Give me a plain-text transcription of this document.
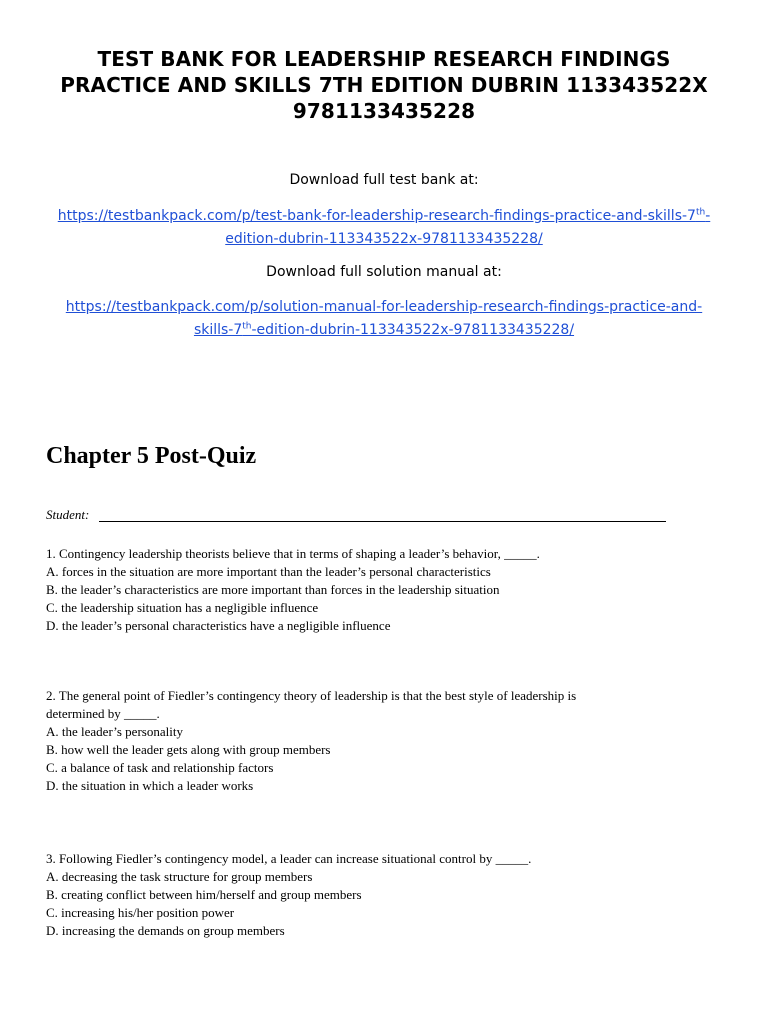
TEST BANK FOR LEADERSHIP RESEARCH FINDINGS
PRACTICE AND SKILLS 7TH EDITION DUBRIN 113343522X
9781133435228
Download full test bank at:
https://testbankpack.com/p/test-bank-for-leadership-research-findings-practice-and-skills-7th-
edition-dubrin-113343522x-9781133435228/
Download full solution manual at:
https://testbankpack.com/p/solution-manual-for-leadership-research-findings-practice-and-
skills-7th-edition-dubrin-113343522x-9781133435228/
Chapter 5 Post-Quiz
Student:
1. Contingency leadership theorists believe that in terms of shaping a leader’s behavior, _____.
A. forces in the situation are more important than the leader’s personal characteristics
B. the leader’s characteristics are more important than forces in the leadership situation
C. the leadership situation has a negligible influence
D. the leader’s personal characteristics have a negligible influence
2. The general point of Fiedler’s contingency theory of leadership is that the best style of leadership is
determined by _____.
A. the leader’s personality
B. how well the leader gets along with group members
C. a balance of task and relationship factors
D. the situation in which a leader works
3. Following Fiedler’s contingency model, a leader can increase situational control by _____.
A. decreasing the task structure for group members
B. creating conflict between him/herself and group members
C. increasing his/her position power
D. increasing the demands on group members
